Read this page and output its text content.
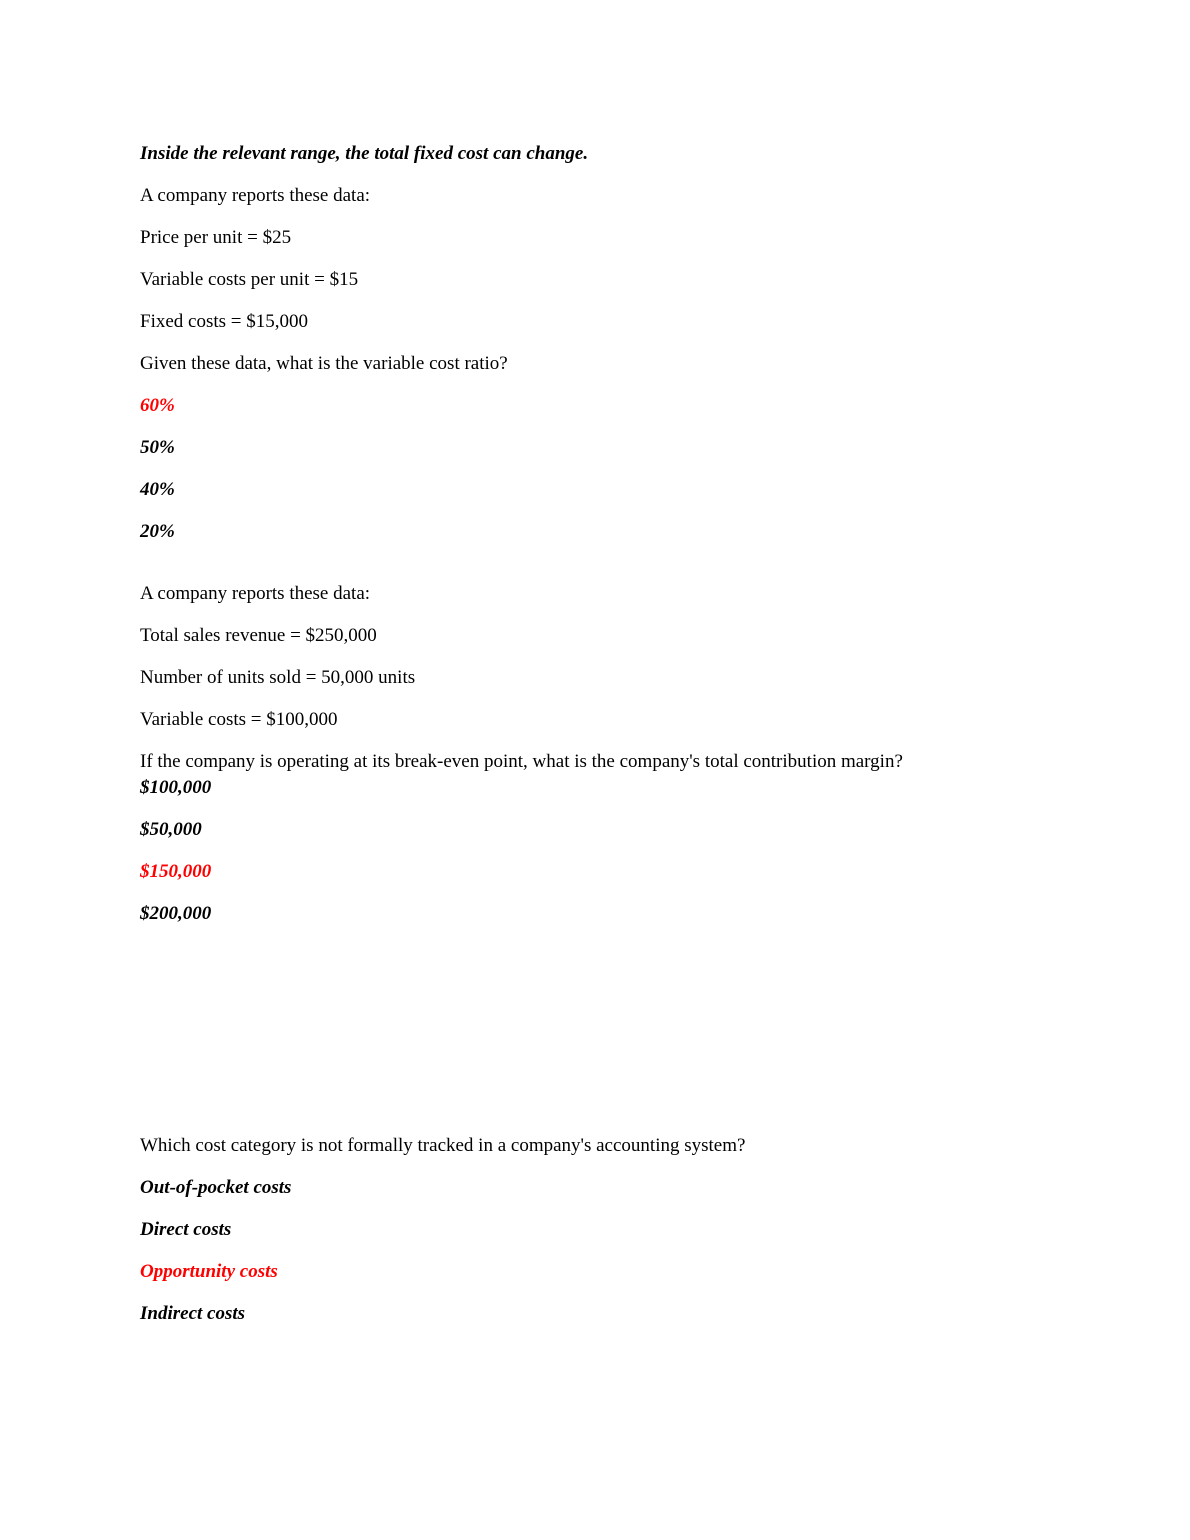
Inside the relevant range, the total fixed cost can change.

A company reports these data:

Price per unit = $25

Variable costs per unit = $15

Fixed costs = $15,000

Given these data, what is the variable cost ratio?

60%

50%

40%

20%

A company reports these data:

Total sales revenue = $250,000

Number of units sold = 50,000 units

Variable costs = $100,000

If the company is operating at its break-even point, what is the company's total contribution margin?

$100,000

$50,000

$150,000

$200,000

Which cost category is not formally tracked in a company's accounting system?

Out-of-pocket costs

Direct costs

Opportunity costs

Indirect costs
